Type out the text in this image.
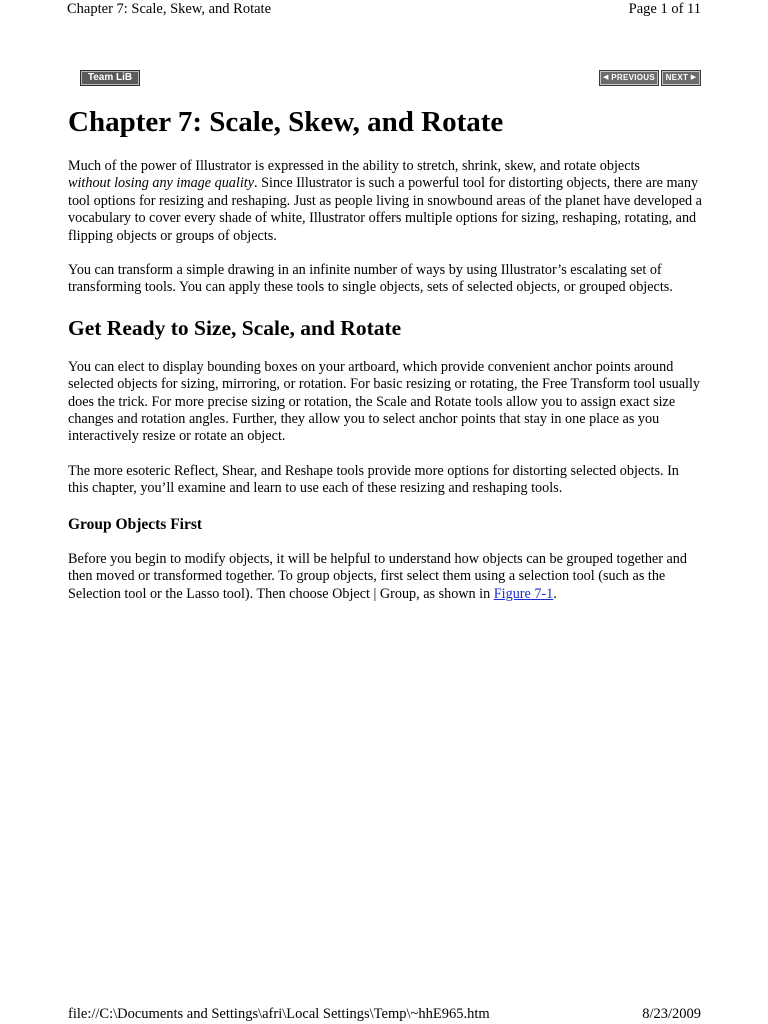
Chapter 7: Scale, Skew, and Rotate	Page 1 of 11
Team LiB	◀ PREVIOUS	NEXT ▶
Chapter 7: Scale, Skew, and Rotate

Much of the power of Illustrator is expressed in the ability to stretch, shrink, skew, and rotate objects
without losing any image quality. Since Illustrator is such a powerful tool for distorting objects, there are many tool options for resizing and reshaping. Just as people living in snowbound areas of the planet have developed a vocabulary to cover every shade of white, Illustrator offers multiple options for sizing, reshaping, rotating, and flipping objects or groups of objects.

You can transform a simple drawing in an infinite number of ways by using Illustrator’s escalating set of transforming tools. You can apply these tools to single objects, sets of selected objects, or grouped objects.

Get Ready to Size, Scale, and Rotate

You can elect to display bounding boxes on your artboard, which provide convenient anchor points around selected objects for sizing, mirroring, or rotation. For basic resizing or rotating, the Free Transform tool usually does the trick. For more precise sizing or rotation, the Scale and Rotate tools allow you to assign exact size changes and rotation angles. Further, they allow you to select anchor points that stay in one place as you interactively resize or rotate an object.

The more esoteric Reflect, Shear, and Reshape tools provide more options for distorting selected objects. In this chapter, you’ll examine and learn to use each of these resizing and reshaping tools.

Group Objects First

Before you begin to modify objects, it will be helpful to understand how objects can be grouped together and then moved or transformed together. To group objects, first select them using a selection tool (such as the Selection tool or the Lasso tool). Then choose Object | Group, as shown in Figure 7-1.

file://C:\Documents and Settings\afri\Local Settings\Temp\~hhE965.htm	8/23/2009
